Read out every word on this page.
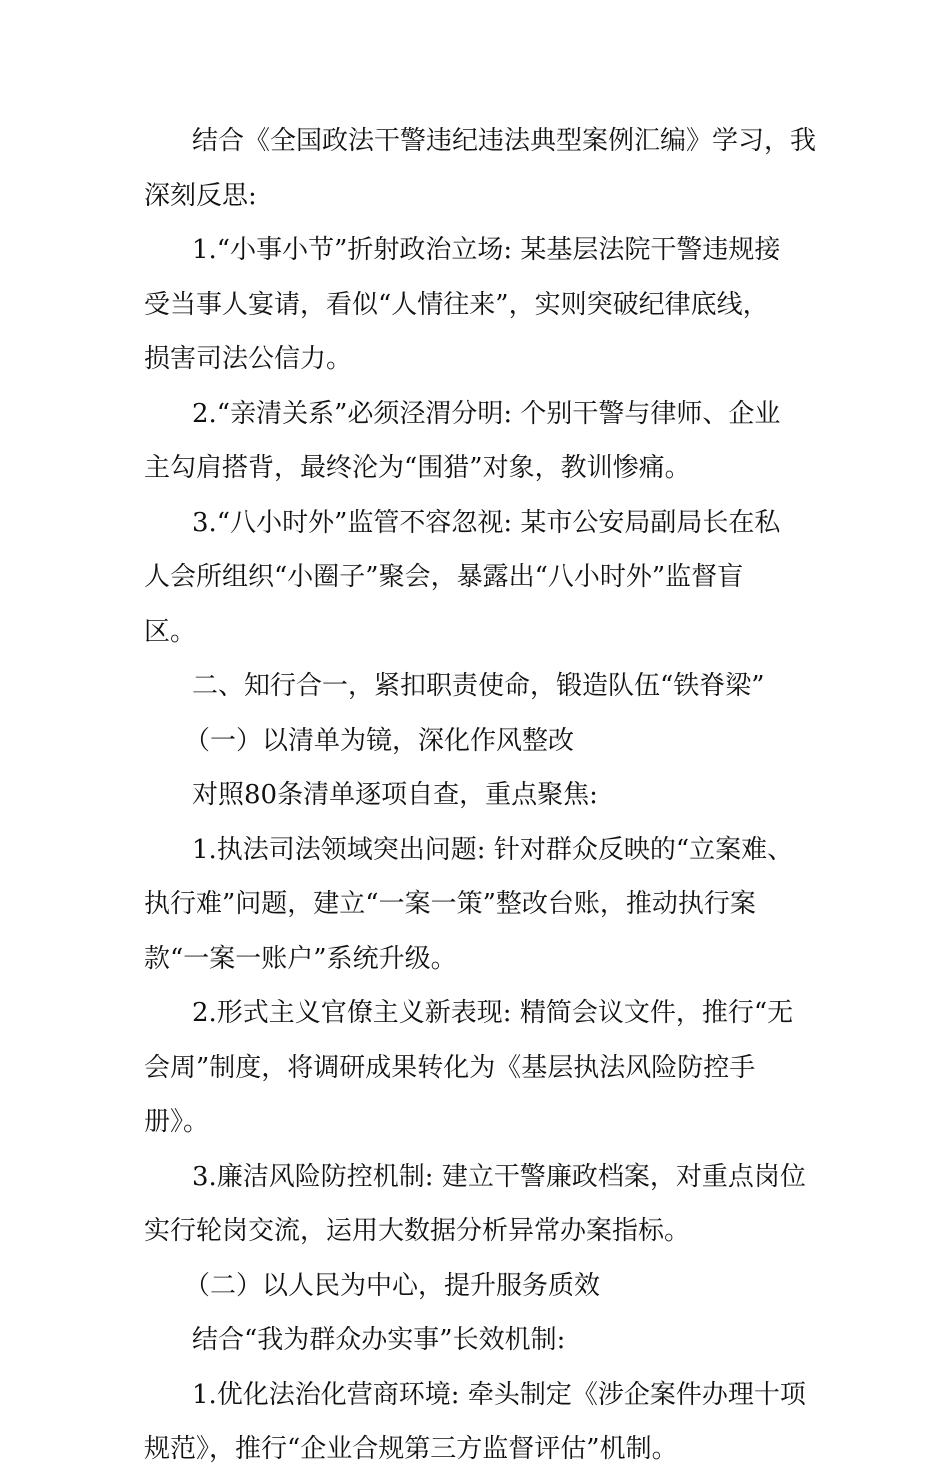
结合《全国政法干警违纪违法典型案例汇编》学习，我
深刻反思:
1.“小事小节”折射政治立场: 某基层法院干警违规接
受当事人宴请，看似“人情往来”，实则突破纪律底线，
损害司法公信力。
2.“亲清关系”必须泾渭分明: 个别干警与律师、企业
主勾肩搭背，最终沦为“围猎”对象，教训惨痛。
3.“八小时外”监管不容忽视: 某市公安局副局长在私
人会所组织“小圈子”聚会，暴露出“八小时外”监督盲
区。
二、知行合一，紧扣职责使命，锻造队伍“铁脊梁”
（一）以清单为镜，深化作风整改
对照80条清单逐项自查，重点聚焦:
1.执法司法领域突出问题: 针对群众反映的“立案难、
执行难”问题，建立“一案一策”整改台账，推动执行案
款“一案一账户”系统升级。
2.形式主义官僚主义新表现: 精简会议文件，推行“无
会周”制度，将调研成果转化为《基层执法风险防控手
册》。
3.廉洁风险防控机制: 建立干警廉政档案，对重点岗位
实行轮岗交流，运用大数据分析异常办案指标。
（二）以人民为中心，提升服务质效
结合“我为群众办实事”长效机制:
1.优化法治化营商环境: 牵头制定《涉企案件办理十项
规范》，推行“企业合规第三方监督评估”机制。
